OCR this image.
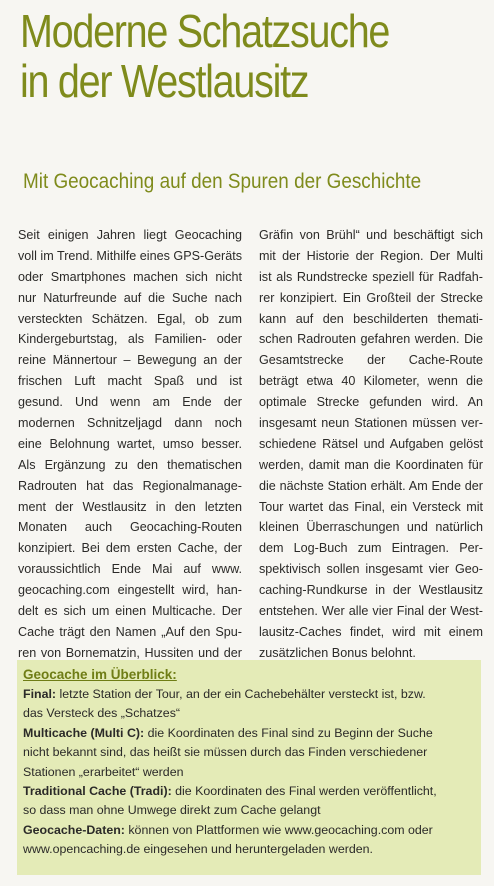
Moderne Schatzsuche
in der Westlausitz
Mit Geocaching auf den Spuren der Geschichte
Seit einigen Jahren liegt Geocaching
voll im Trend. Mithilfe eines GPS-Geräts
oder Smartphones machen sich nicht
nur Naturfreunde auf die Suche nach
versteckten Schätzen. Egal, ob zum
Kindergeburtstag, als Familien- oder
reine Männertour – Bewegung an der
frischen Luft macht Spaß und ist
gesund. Und wenn am Ende der
modernen Schnitzeljagd dann noch
eine Belohnung wartet, umso besser.
Als Ergänzung zu den thematischen
Radrouten hat das Regionalmanage-
ment der Westlausitz in den letzten
Monaten auch Geocaching-Routen
konzipiert. Bei dem ersten Cache, der
voraussichtlich Ende Mai auf www.
geocaching.com eingestellt wird, han-
delt es sich um einen Multicache. Der
Cache trägt den Namen „Auf den Spu-
ren von Bornematzin, Hussiten und der
Gräfin von Brühl“ und beschäftigt sich
mit der Historie der Region. Der Multi
ist als Rundstrecke speziell für Radfah-
rer konzipiert. Ein Großteil der Strecke
kann auf den beschilderten themati-
schen Radrouten gefahren werden. Die
Gesamtstrecke der Cache-Route
beträgt etwa 40 Kilometer, wenn die
optimale Strecke gefunden wird. An
insgesamt neun Stationen müssen ver-
schiedene Rätsel und Aufgaben gelöst
werden, damit man die Koordinaten für
die nächste Station erhält. Am Ende der
Tour wartet das Final, ein Versteck mit
kleinen Überraschungen und natürlich
dem Log-Buch zum Eintragen. Per-
spektivisch sollen insgesamt vier Geo-
caching-Rundkurse in der Westlausitz
entstehen. Wer alle vier Final der West-
lausitz-Caches findet, wird mit einem
zusätzlichen Bonus belohnt.
Geocache im Überblick:
Final: letzte Station der Tour, an der ein Cachebehälter versteckt ist, bzw.
das Versteck des „Schatzes“
Multicache (Multi C): die Koordinaten des Final sind zu Beginn der Suche
nicht bekannt sind, das heißt sie müssen durch das Finden verschiedener
Stationen „erarbeitet“ werden
Traditional Cache (Tradi): die Koordinaten des Final werden veröffentlicht,
so dass man ohne Umwege direkt zum Cache gelangt
Geocache-Daten: können von Plattformen wie www.geocaching.com oder
www.opencaching.de eingesehen und heruntergeladen werden.
